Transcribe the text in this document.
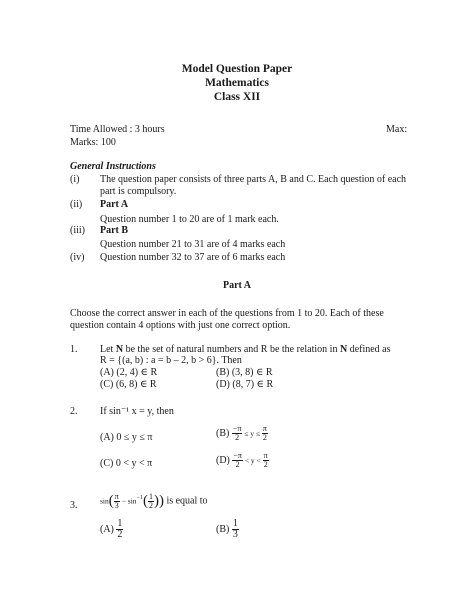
Model Question Paper
Mathematics
Class XII
Time Allowed : 3 hours	Max:
Marks: 100
General Instructions
(i) The question paper consists of three parts A, B and C. Each question of each part is compulsory.
(ii) Part A
Question number 1 to 20 are of 1 mark each.
(iii) Part B
Question number 21 to 31 are of 4 marks each
(iv) Question number 32 to 37 are of 6 marks each
Part A
Choose the correct answer in each of the questions from 1 to 20. Each of these question contain 4 options with just one correct option.
1. Let N be the set of natural numbers and R be the relation in N defined as
R = {(a, b) : a = b – 2, b > 6}. Then
(A) (2, 4) ∈ R	(B) (3, 8) ∈ R
(C) (6, 8) ∈ R	(D) (8, 7) ∈ R
2. If sin⁻¹ x = y, then
(A) 0 ≤ y ≤ π	$(B) \frac{-\pi}{2} \le y \le \frac{\pi}{2}$
(C) 0 < y < π	$(D) \frac{-\pi}{2} < y < \frac{\pi}{2}$
3.	$\sin( \frac{\pi}{3} - \sin^{-1}( \frac{1}{2}$ )) is equal to
$(A) \frac{1}{2}$	$(B) \frac{1}{3}$
